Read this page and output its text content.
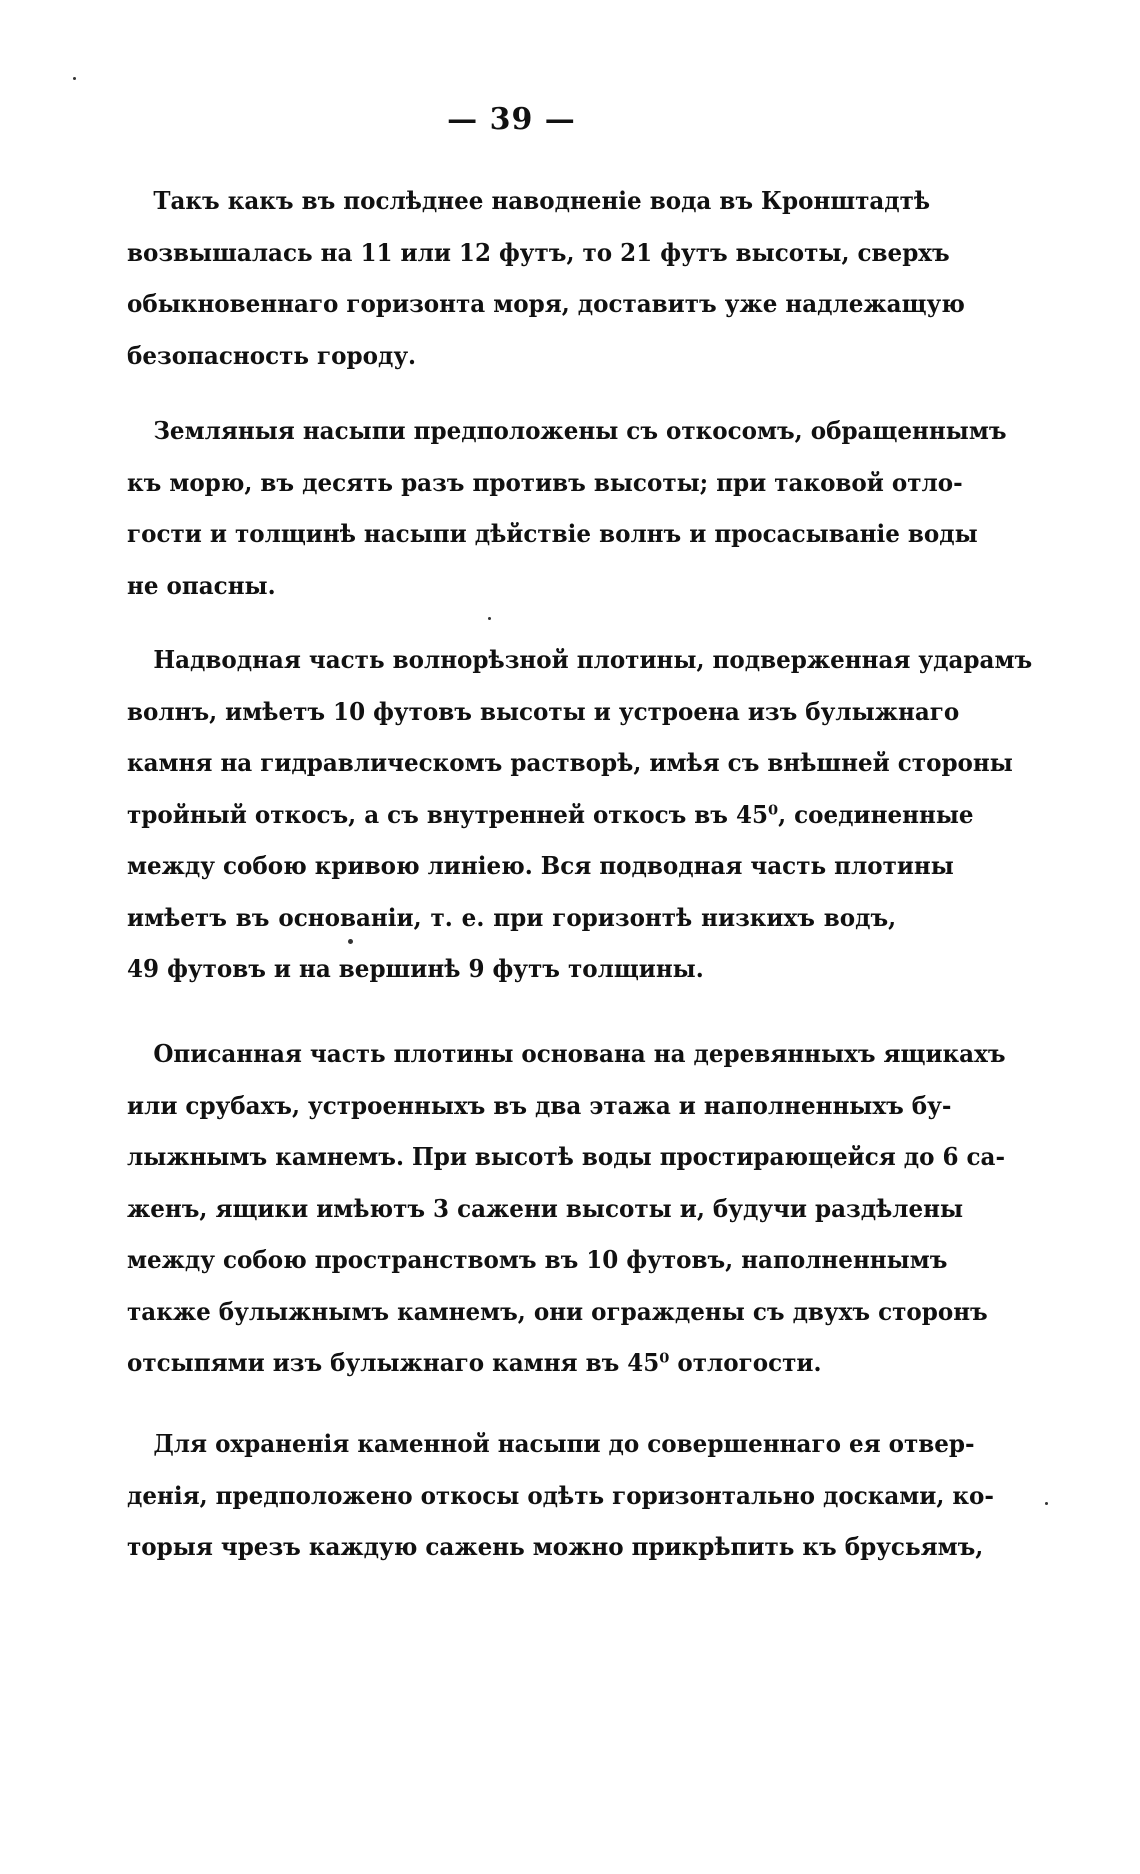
— 39 —
Такъ какъ въ послѣднее наводненіе вода въ Кронштадтѣ
возвышалась на 11 или 12 футъ, то 21 футъ высоты, сверхъ
обыкновеннаго горизонта моря, доставитъ уже надлежащую
безопасность городу.
Земляныя насыпи предположены съ откосомъ, обращеннымъ
къ морю, въ десять разъ противъ высоты; при таковой отло-
гости и толщинѣ насыпи дѣйствіе волнъ и просасываніе воды
не опасны.
Надводная часть волнорѣзной плотины, подверженная ударамъ
волнъ, имѣетъ 10 футовъ высоты и устроена изъ булыжнаго
камня на гидравлическомъ растворѣ, имѣя съ внѣшней стороны
тройный откосъ, а съ внутренней откосъ въ 45⁰, соединенные
между собою кривою линіею. Вся подводная часть плотины
имѣетъ въ основаніи, т. е. при горизонтѣ низкихъ водъ,
49 футовъ и на вершинѣ 9 футъ толщины.
Описанная часть плотины основана на деревянныхъ ящикахъ
или срубахъ, устроенныхъ въ два этажа и наполненныхъ бу-
лыжнымъ камнемъ. При высотѣ воды простирающейся до 6 са-
женъ, ящики имѣютъ 3 сажени высоты и, будучи раздѣлены
между собою пространствомъ въ 10 футовъ, наполненнымъ
также булыжнымъ камнемъ, они ограждены съ двухъ сторонъ
отсыпями изъ булыжнаго камня въ 45⁰ отлогости.
Для охраненія каменной насыпи до совершеннаго ея отвер-
денія, предположено откосы одѣть горизонтально досками, ко-
торыя чрезъ каждую сажень можно прикрѣпить къ брусьямъ,
